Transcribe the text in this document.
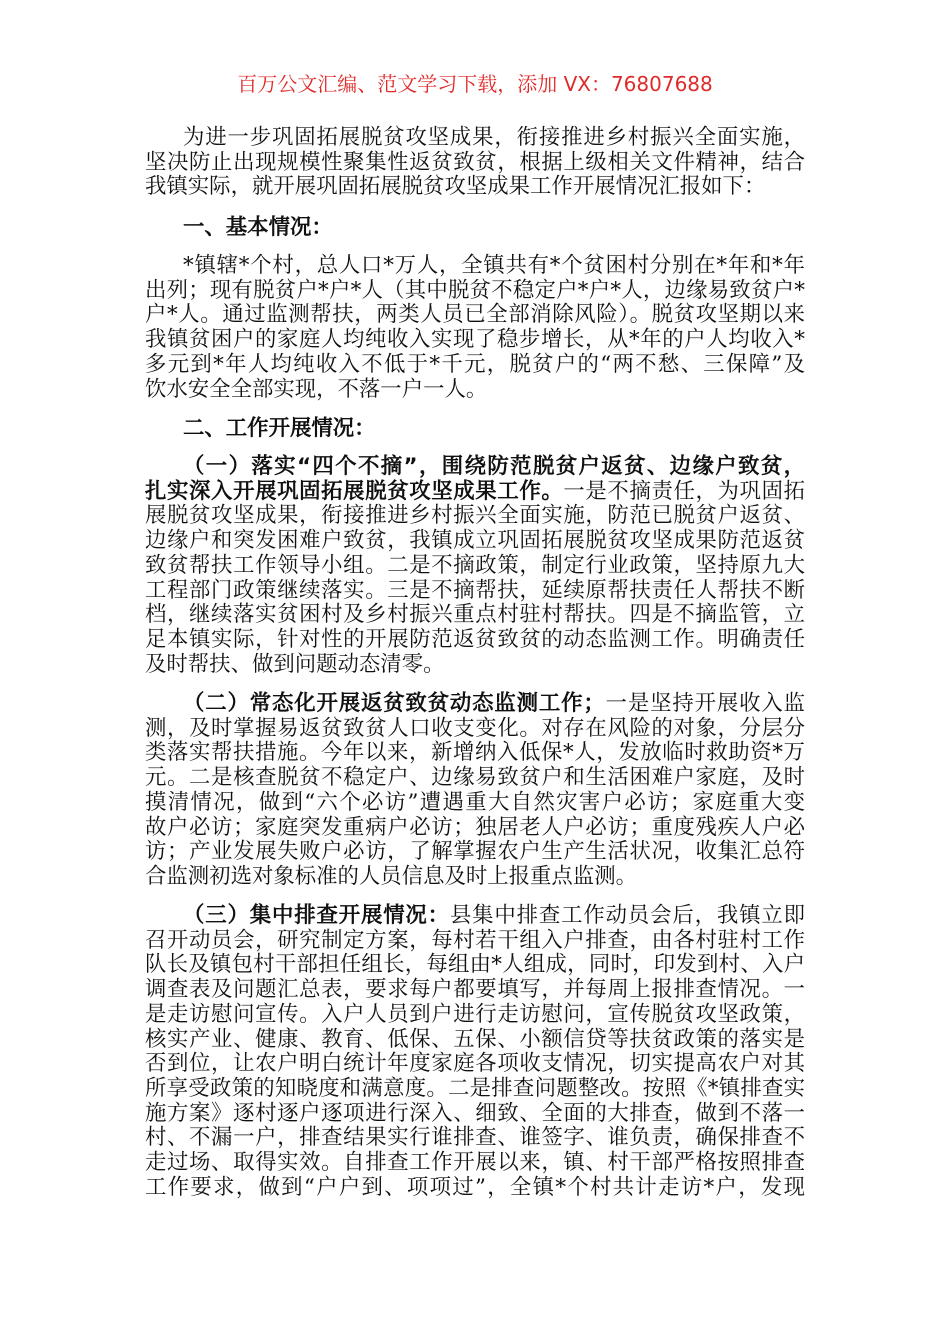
百万公文汇编、范文学习下载，添加 VX：76807688
为进一步巩固拓展脱贫攻坚成果，衔接推进乡村振兴全面实施，
坚决防止出现规模性聚集性返贫致贫，根据上级相关文件精神，结合
我镇实际，就开展巩固拓展脱贫攻坚成果工作开展情况汇报如下：
一、基本情况：
*镇辖*个村，总人口*万人，全镇共有*个贫困村分别在*年和*年
出列；现有脱贫户*户*人（其中脱贫不稳定户*户*人，边缘易致贫户*
户*人。通过监测帮扶，两类人员已全部消除风险）。脱贫攻坚期以来
我镇贫困户的家庭人均纯收入实现了稳步增长，从*年的户人均收入*
多元到*年人均纯收入不低于*千元，脱贫户的“两不愁、三保障”及
饮水安全全部实现，不落一户一人。
二、工作开展情况：
（一）落实“四个不摘”，围绕防范脱贫户返贫、边缘户致贫，
扎实深入开展巩固拓展脱贫攻坚成果工作。一是不摘责任，为巩固拓
展脱贫攻坚成果，衔接推进乡村振兴全面实施，防范已脱贫户返贫、
边缘户和突发困难户致贫，我镇成立巩固拓展脱贫攻坚成果防范返贫
致贫帮扶工作领导小组。二是不摘政策，制定行业政策，坚持原九大
工程部门政策继续落实。三是不摘帮扶，延续原帮扶责任人帮扶不断
档，继续落实贫困村及乡村振兴重点村驻村帮扶。四是不摘监管，立
足本镇实际，针对性的开展防范返贫致贫的动态监测工作。明确责任
及时帮扶、做到问题动态清零。
（二）常态化开展返贫致贫动态监测工作；一是坚持开展收入监
测，及时掌握易返贫致贫人口收支变化。对存在风险的对象，分层分
类落实帮扶措施。今年以来，新增纳入低保*人，发放临时救助资*万
元。二是核查脱贫不稳定户、边缘易致贫户和生活困难户家庭，及时
摸清情况，做到“六个必访”遭遇重大自然灾害户必访；家庭重大变
故户必访；家庭突发重病户必访；独居老人户必访；重度残疾人户必
访；产业发展失败户必访，了解掌握农户生产生活状况，收集汇总符
合监测初选对象标准的人员信息及时上报重点监测。
（三）集中排查开展情况：县集中排查工作动员会后，我镇立即
召开动员会，研究制定方案，每村若干组入户排查，由各村驻村工作
队长及镇包村干部担任组长，每组由*人组成，同时，印发到村、入户
调查表及问题汇总表，要求每户都要填写，并每周上报排查情况。一
是走访慰问宣传。入户人员到户进行走访慰问，宣传脱贫攻坚政策，
核实产业、健康、教育、低保、五保、小额信贷等扶贫政策的落实是
否到位，让农户明白统计年度家庭各项收支情况，切实提高农户对其
所享受政策的知晓度和满意度。二是排查问题整改。按照《*镇排查实
施方案》逐村逐户逐项进行深入、细致、全面的大排查，做到不落一
村、不漏一户，排查结果实行谁排查、谁签字、谁负责，确保排查不
走过场、取得实效。自排查工作开展以来，镇、村干部严格按照排查
工作要求，做到“户户到、项项过”，全镇*个村共计走访*户，发现
